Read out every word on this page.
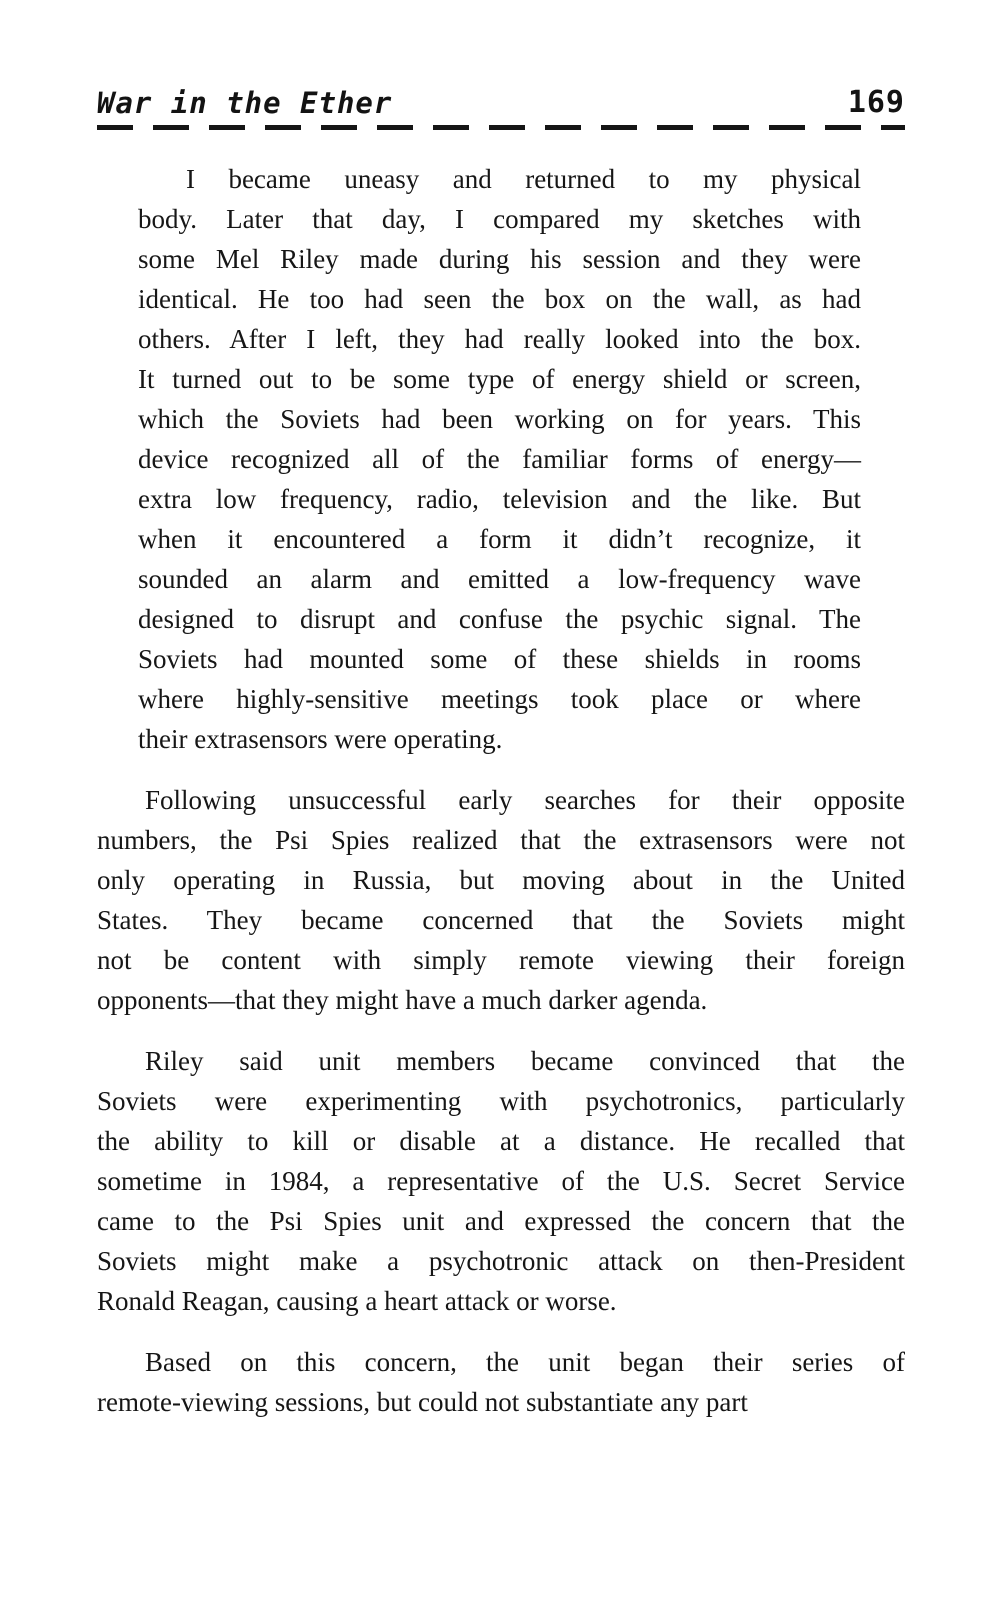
War in the Ether	169
I became uneasy and returned to my physical
body. Later that day, I compared my sketches with
some Mel Riley made during his session and they were
identical. He too had seen the box on the wall, as had
others. After I left, they had really looked into the box.
It turned out to be some type of energy shield or screen,
which the Soviets had been working on for years. This
device recognized all of the familiar forms of energy—
extra low frequency, radio, television and the like. But
when it encountered a form it didn’t recognize, it
sounded an alarm and emitted a low-frequency wave
designed to disrupt and confuse the psychic signal. The
Soviets had mounted some of these shields in rooms
where highly-sensitive meetings took place or where
their extrasensors were operating.
Following unsuccessful early searches for their opposite
numbers, the Psi Spies realized that the extrasensors were not
only operating in Russia, but moving about in the United
States. They became concerned that the Soviets might
not be content with simply remote viewing their foreign
opponents—that they might have a much darker agenda.
Riley said unit members became convinced that the
Soviets were experimenting with psychotronics, particularly
the ability to kill or disable at a distance. He recalled that
sometime in 1984, a representative of the U.S. Secret Service
came to the Psi Spies unit and expressed the concern that the
Soviets might make a psychotronic attack on then-President
Ronald Reagan, causing a heart attack or worse.
Based on this concern, the unit began their series of
remote-viewing sessions, but could not substantiate any part
